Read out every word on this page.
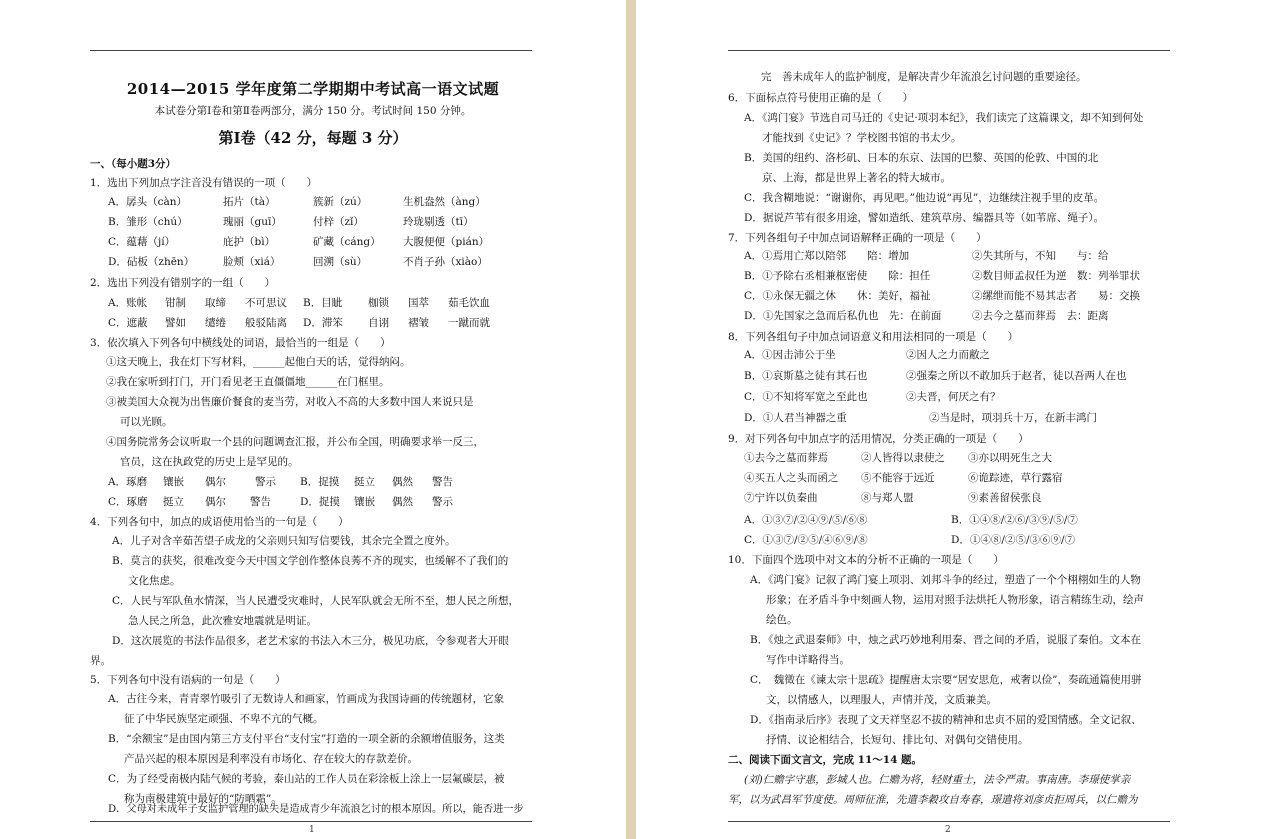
2014—2015 学年度第二学期期中考试高一语文试题
本试卷分第Ⅰ卷和第Ⅱ卷两部分，满分 150 分。考试时间 150 分钟。
第Ⅰ卷（42 分，每题 3 分）
一、（每小题3分）
1．选出下列加点字注音没有错误的一项（　　）
A．孱头（càn）	拓片（tà）	簇新（zú）	生机盎然（àng）
B．雏形（chú）	瑰丽（guī）	付梓（zǐ）	玲珑剔透（tī）
C．蕴藉（jí）	庇护（bì）	矿藏（cáng） 大腹便便（pián）
D．砧板（zhēn）	脸颊（xiá）	回溯（sù）	不肖子孙（xiào）
2．选出下列没有错别字的一组（　　）
A．账帐 钳制 取缔 不可思议 B．目眦 枷锁 国萃 茹毛饮血
C．遮蔽 譬如 缱绻 般驳陆离 D．滞笨 自诩 褶皱 一蹴而就
3．依次填入下列各句中横线处的词语，最恰当的一组是（　　）
①这天晚上，我在灯下写材料，______起他白天的话，觉得纳闷。
②我在家听到打门，开门看见老王直僵僵地______在门框里。
③被美国大众视为出售廉价餐食的麦当劳，对收入不高的大多数中国人来说只是
可以光顾。
④国务院常务会议听取一个县的问题调查汇报，并公布全国，明确要求举一反三，
官员，这在执政党的历史上是罕见的。
A．琢磨 镶嵌 偶尔	警示 B．捉摸 挺立 偶然 警告
C．琢磨 挺立 偶尔 警告	D．捉摸 镶嵌 偶然 警示
4．下列各句中，加点的成语使用恰当的一句是（　　）
A．儿子对含辛茹苦望子成龙的父亲则只知写信要钱，其余完全置之度外。
B．莫言的获奖，很难改变今天中国文学创作整体良莠不齐的现实，也缓解不了我们的
文化焦虑。
C．人民与军队鱼水情深，当人民遭受灾难时，人民军队就会无所不至，想人民之所想，
急人民之所急，此次雅安地震就是明证。
D．这次展览的书法作品很多，老艺术家的书法入木三分，极见功底，令参观者大开眼
界。
5．下列各句中没有语病的一句是（　　）
A．古往今来，青青翠竹吸引了无数诗人和画家，竹画成为我国诗画的传统题材，它象
征了中华民族坚定顽强、不卑不亢的气概。
B．“余额宝”是由国内第三方支付平台“支付宝”打造的一项全新的余额增值服务，这类
产品兴起的根本原因是利率没有市场化、存在较大的存款差价。
C．为了经受南极内陆气候的考验，泰山站的工作人员在彩涂板上涂上一层氟碳层，被
称为南极建筑中最好的“防晒霜”。
D．父母对未成年子女监护管理的缺失是造成青少年流浪乞讨的根本原因。所以，能否进一步
1
完　善未成年人的监护制度，是解决青少年流浪乞讨问题的重要途径。
6．下面标点符号使用正确的是（　　）
A．《鸿门宴》节选自司马迁的《史记·项羽本纪》，我们读完了这篇课文，却不知到何处
才能找到《史记》？学校图书馆的书太少。
B．美国的纽约、洛杉矶、日本的东京、法国的巴黎、英国的伦敦、中国的北
京、上海，都是世界上著名的特大城市。
C．我含糊地说：“谢谢你，再见吧。”他边说“再见”，边继续注视手里的皮革。
D．据说芦苇有很多用途，譬如造纸、建筑草房、编器具等（如苇席、绳子）。
7．下列各组句子中加点词语解释正确的一项是（　　）
A．①焉用亡郑以陪邻　　陪：增加	②失其所与，不知　　与：给
B．①予除右丞相兼枢密使　　除：担任	②数目师孟叔任为逆　数：列举罪状
C．①永保无疆之休　　休：美好，福祉	②缧绁而能不易其志者　　易：交换
D．①先国家之急而后私仇也　先：在前面	②去今之墓而葬焉　去：距离
8．下列各组句子中加点词语意义和用法相同的一项是（　　）
A．①因击沛公于坐	②因人之力而敝之
B．①哀斯墓之徒有其石也	②强秦之所以不敢加兵于赵者，徒以吾两人在也
C．①不知将军宽之至此也	②夫晋，何厌之有？
D．①人君当神器之重	②当是时，项羽兵十万，在新丰鸿门
9．对下列各句中加点字的活用情况，分类正确的一项是（　　）
①去今之墓而葬焉	②人皆得以隶使之 ③亦以明死生之大
④买五人之头而函之 ⑤不能容于远近	⑥诡踪迹，草行露宿
⑦宁许以负秦曲	⑧与郑人盟	⑨素善留侯张良
A．①③⑦/②④⑨/⑤/⑥⑧	B．①④⑧/②⑥/③⑨/⑤/⑦
C．①③⑦/②⑤/④⑥⑨/⑧	D．①④⑧/②⑤/③⑥⑨/⑦
10．下面四个选项中对文本的分析不正确的一项是（　　）
A．《鸿门宴》记叙了鸿门宴上项羽、刘邦斗争的经过，塑造了一个个栩栩如生的人物
形象；在矛盾斗争中刻画人物，运用对照手法烘托人物形象，语言精练生动，绘声
绘色。
B．《烛之武退秦师》中，烛之武巧妙地利用秦、晋之间的矛盾，说服了秦伯。文本在
写作中详略得当。
C．　魏徵在《谏太宗十思疏》提醒唐太宗要“居安思危，戒奢以俭”，奏疏通篇使用骈
文，以情感人，以理服人，声情并茂，文质兼美。
D．《指南录后序》表现了文天祥坚忍不拔的精神和忠贞不屈的爱国情感。全文记叙、
抒情、议论相结合，长短句、排比句、对偶句交错使用。
二、阅读下面文言文，完成 11～14 题。
(刘)仁赡字守惠，彭城人也。仁赡为将，轻财重士，法令严肃。事南唐。李璟使掌亲
军，以为武昌军节度使。周师征淮，先遣李穀攻自寿春，璟遣将刘彦贞拒周兵，以仁赡为
2
